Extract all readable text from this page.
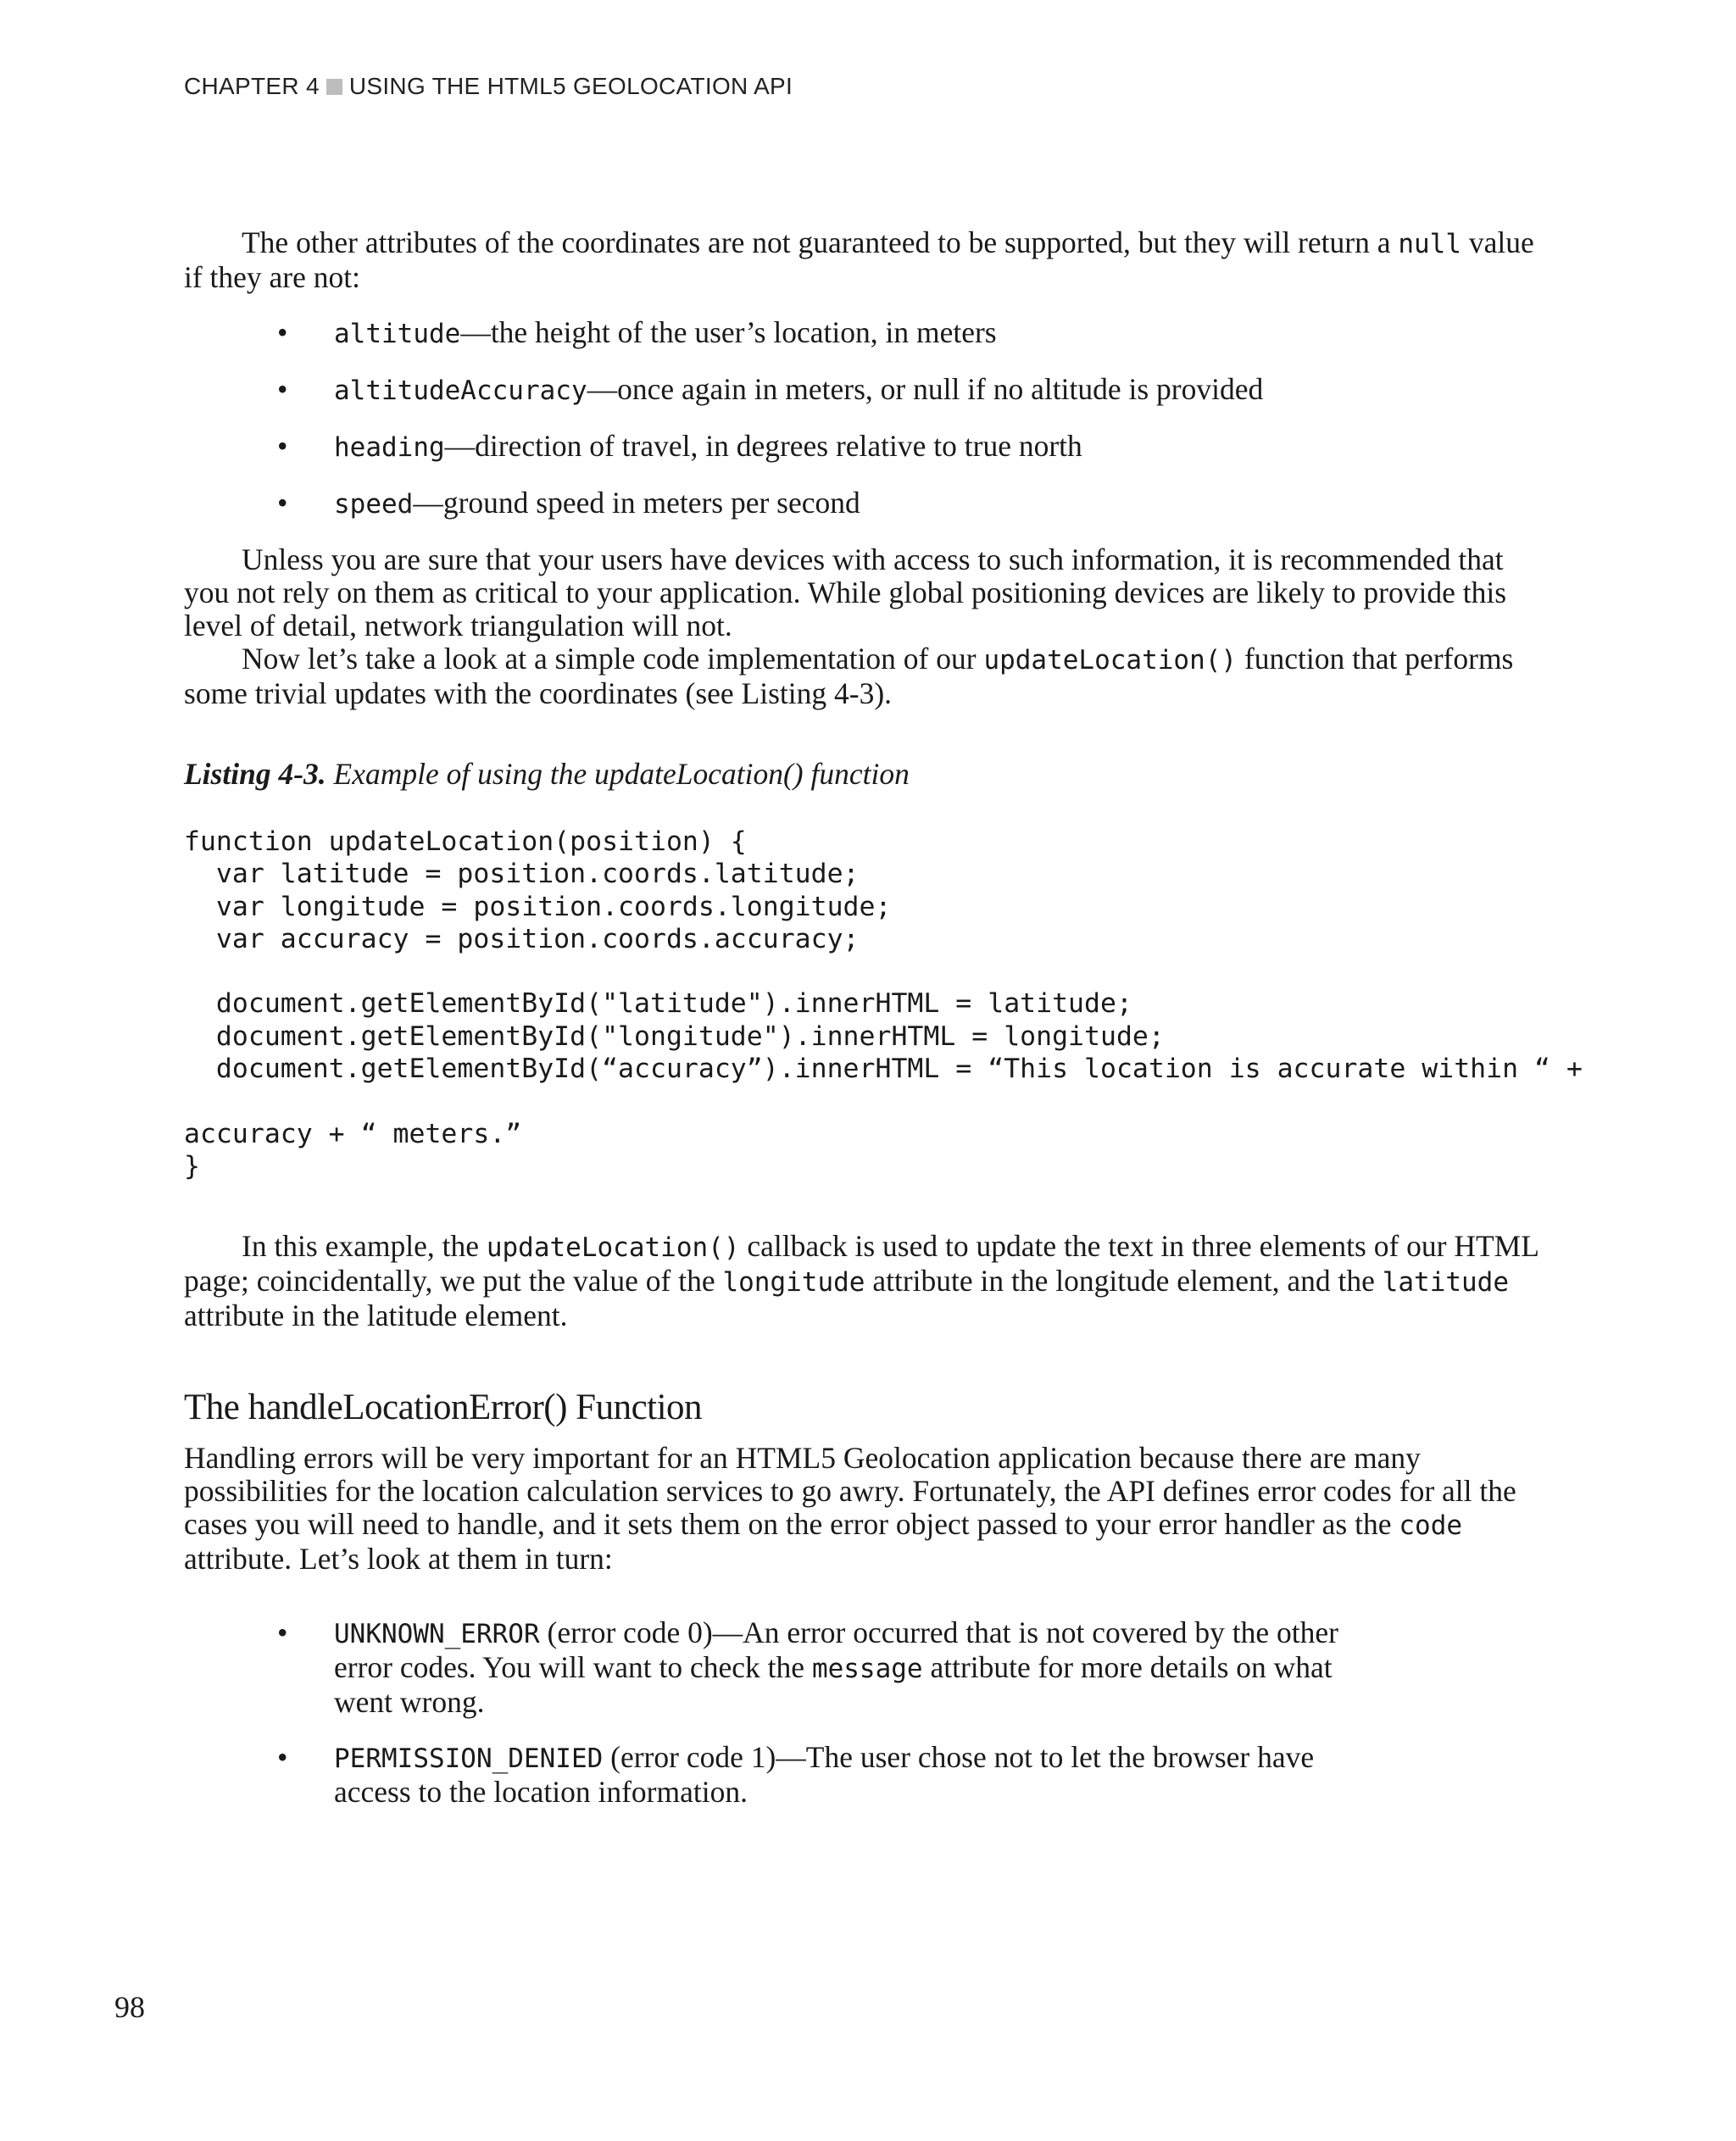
CHAPTER 4 USING THE HTML5 GEOLOCATION API

The other attributes of the coordinates are not guaranteed to be supported, but they will return a null value if they are not:

• altitude—the height of the user’s location, in meters
• altitudeAccuracy—once again in meters, or null if no altitude is provided
• heading—direction of travel, in degrees relative to true north
• speed—ground speed in meters per second

Unless you are sure that your users have devices with access to such information, it is recommended that you not rely on them as critical to your application. While global positioning devices are likely to provide this level of detail, network triangulation will not.

Now let’s take a look at a simple code implementation of our updateLocation() function that performs some trivial updates with the coordinates (see Listing 4-3).

Listing 4-3. Example of using the updateLocation() function

function updateLocation(position) {
var latitude = position.coords.latitude;
var longitude = position.coords.longitude;
var accuracy = position.coords.accuracy;

document.getElementById("latitude").innerHTML = latitude;
document.getElementById("longitude").innerHTML = longitude;
document.getElementById(“accuracy”).innerHTML = “This location is accurate within “ +

accuracy + “ meters.”
}

In this example, the updateLocation() callback is used to update the text in three elements of our HTML page; coincidentally, we put the value of the longitude attribute in the longitude element, and the latitude attribute in the latitude element.

The handleLocationError() Function

Handling errors will be very important for an HTML5 Geolocation application because there are many possibilities for the location calculation services to go awry. Fortunately, the API defines error codes for all the cases you will need to handle, and it sets them on the error object passed to your error handler as the code attribute. Let’s look at them in turn:

• UNKNOWN_ERROR (error code 0)—An error occurred that is not covered by the other error codes. You will want to check the message attribute for more details on what went wrong.
• PERMISSION_DENIED (error code 1)—The user chose not to let the browser have access to the location information.
98
